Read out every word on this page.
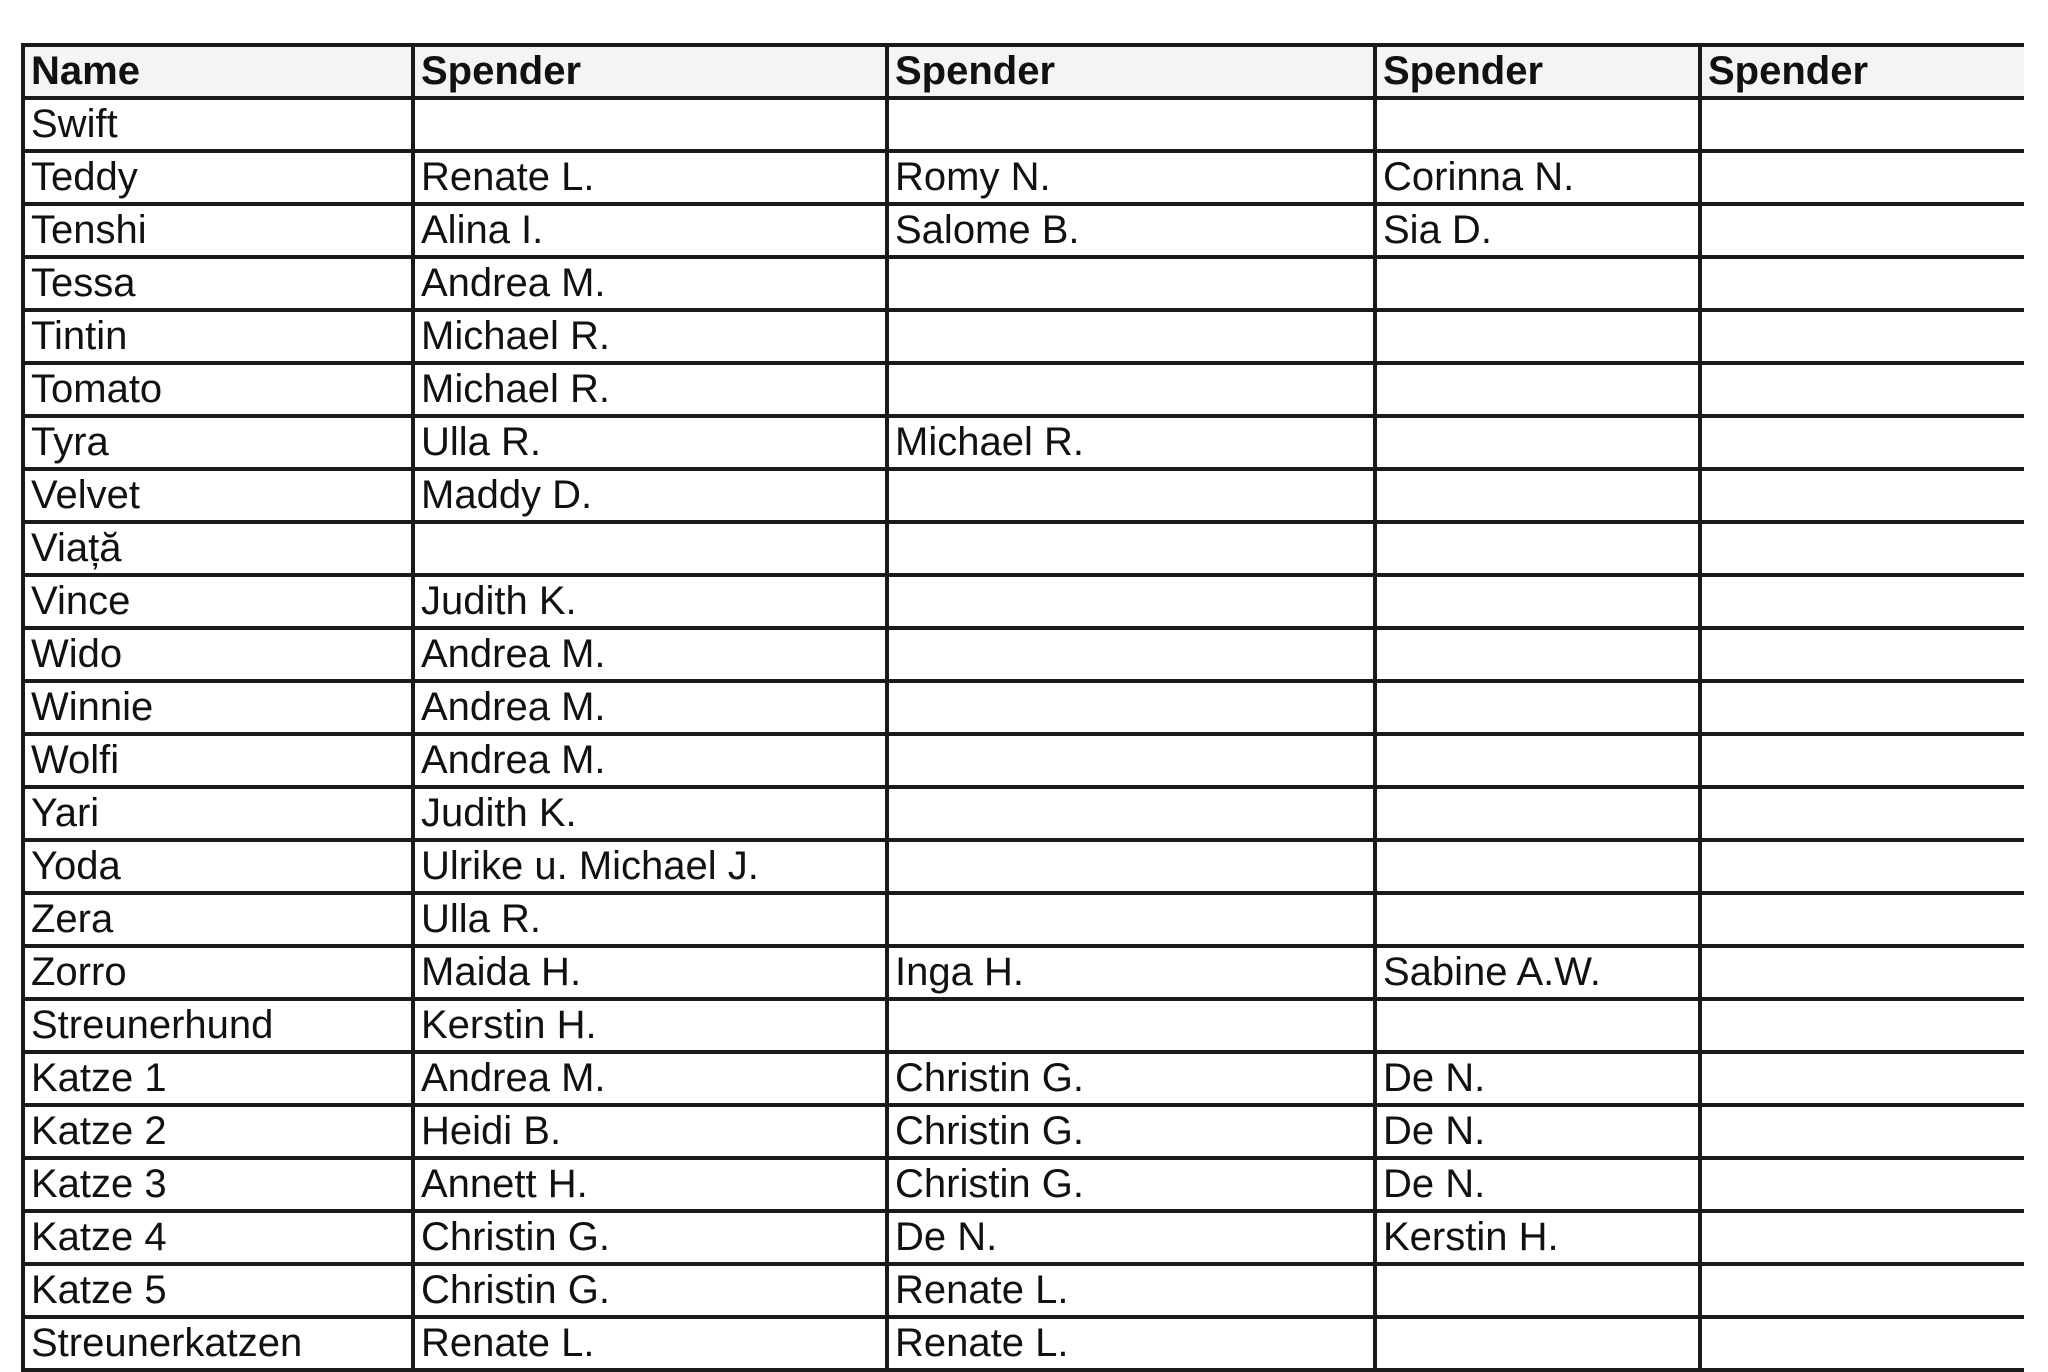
Name	Spender	Spender	Spender	Spender
Swift				
Teddy	Renate L.	Romy N.	Corinna N.	
Tenshi	Alina I.	Salome B.	Sia D.	
Tessa	Andrea M.			
Tintin	Michael R.			
Tomato	Michael R.			
Tyra	Ulla R.	Michael R.		
Velvet	Maddy D.			
Viață				
Vince	Judith K.			
Wido	Andrea M.			
Winnie	Andrea M.			
Wolfi	Andrea M.			
Yari	Judith K.			
Yoda	Ulrike u. Michael J.			
Zera	Ulla R.			
Zorro	Maida H.	Inga H.	Sabine A.W.	
Streunerhund	Kerstin H.			
Katze 1	Andrea M.	Christin G.	De N.	
Katze 2	Heidi B.	Christin G.	De N.	
Katze 3	Annett H.	Christin G.	De N.	
Katze 4	Christin G.	De N.	Kerstin H.	
Katze 5	Christin G.	Renate L.		
Streunerkatzen	Renate L.	Renate L.		
